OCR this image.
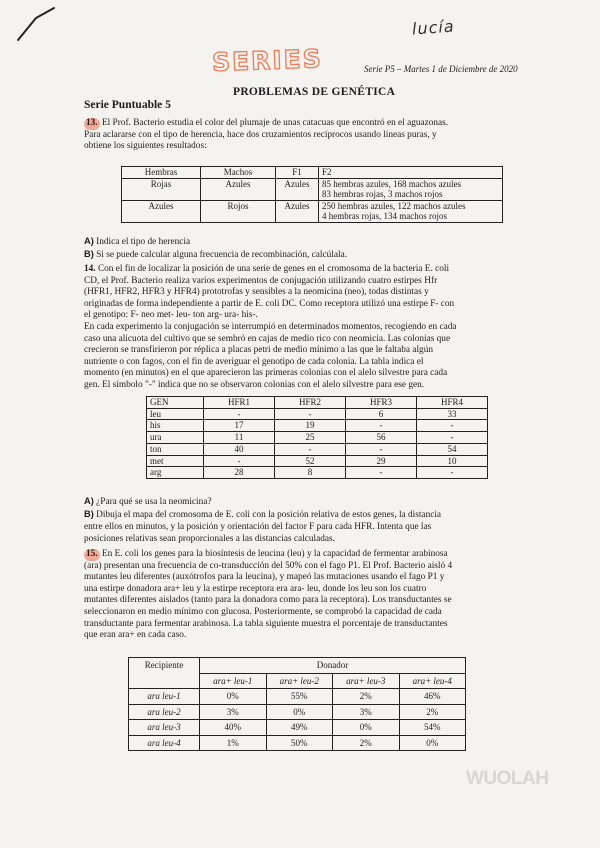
lucía
SERIES	Serie P5 – Martes 1 de Diciembre de 2020
PROBLEMAS DE GENÉTICA
Serie Puntuable 5
13. El Prof. Bacterio estudia el color del plumaje de unas catacuas que encontró en el aguazonas.
Para aclararse con el tipo de herencia, hace dos cruzamientos recíprocos usando líneas puras, y
obtiene los siguientes resultados:
Hembras	Machos	F1	F2
Rojas	Azules	Azules	85 hembras azules, 168 machos azules
83 hembras rojas, 3 machos rojos

Azules	Rojos	Azules	250 hembras azules, 122 machos azules
4 hembras rojas, 134 machos rojos
A) Indica el tipo de herencia
B) Si se puede calcular alguna frecuencia de recombinación, calcúlala.
14. Con el fin de localizar la posición de una serie de genes en el cromosoma de la bacteria E. coli
CD, el Prof. Bacterio realiza varios experimentos de conjugación utilizando cuatro estirpes Hfr
(HFR1, HFR2, HFR3 y HFR4) prototrofas y sensibles a la neomicina (neo), todas distintas y
originadas de forma independiente a partir de E. coli DC. Como receptora utilizó una estirpe F- con
el genotipo: F- neo met- leu- ton arg- ura- his-.
En cada experimento la conjugación se interrumpió en determinados momentos, recogiendo en cada
caso una alícuota del cultivo que se sembró en cajas de medio rico con neomicia. Las colonias que
crecieron se transfirieron por réplica a placas petri de medio mínimo a las que le faltaba algún
nutriente o con fagos, con el fin de averiguar el genotipo de cada colonia. La tabla indica el
momento (en minutos) en el que aparecieron las primeras colonias con el alelo silvestre para cada
gen. El símbolo "-" indica que no se observaron colonias con el alelo silvestre para ese gen.
GEN	HFR1	HFR2	HFR3	HFR4
leu	-	-	6	33
his	17	19	-	-
ura	11	25	56	-
ton	40	-	-	54
met	-	52	29	10
arg	28	8	-	-
A) ¿Para qué se usa la neomicina?
B) Dibuja el mapa del cromosoma de E. coli con la posición relativa de estos genes, la distancia
entre ellos en minutos, y la posición y orientación del factor F para cada HFR. Intenta que las
posiciones relativas sean proporcionales a las distancias calculadas.
15. En E. coli los genes para la biosíntesis de leucina (leu) y la capacidad de fermentar arabinosa
(ara) presentan una frecuencia de co-transducción del 50% con el fago P1. El Prof. Bacterio aisló 4
mutantes leu diferentes (auxótrofos para la leucina), y mapeó las mutaciones usando el fago P1 y
una estirpe donadora ara+ leu y la estirpe receptora era ara- leu, donde los leu son los cuatro
mutantes diferentes aislados (tanto para la donadora como para la receptora). Los transductantes se
seleccionaron en medio mínimo con glucosa. Posteriormente, se comprobó la capacidad de cada
transductante para fermentar arabinosa. La tabla siguiente muestra el porcentaje de transductantes
que eran ara+ en cada caso.
Recipiente	Donador			
	ara+ leu-1	ara+ leu-2	ara+ leu-3	ara+ leu-4
ara leu-1	0%	55%	2%	46%
ara leu-2	3%	0%	3%	2%
ara leu-3	40%	49%	0%	54%
ara leu-4	1%	50%	2%	0%
WUOLAH
